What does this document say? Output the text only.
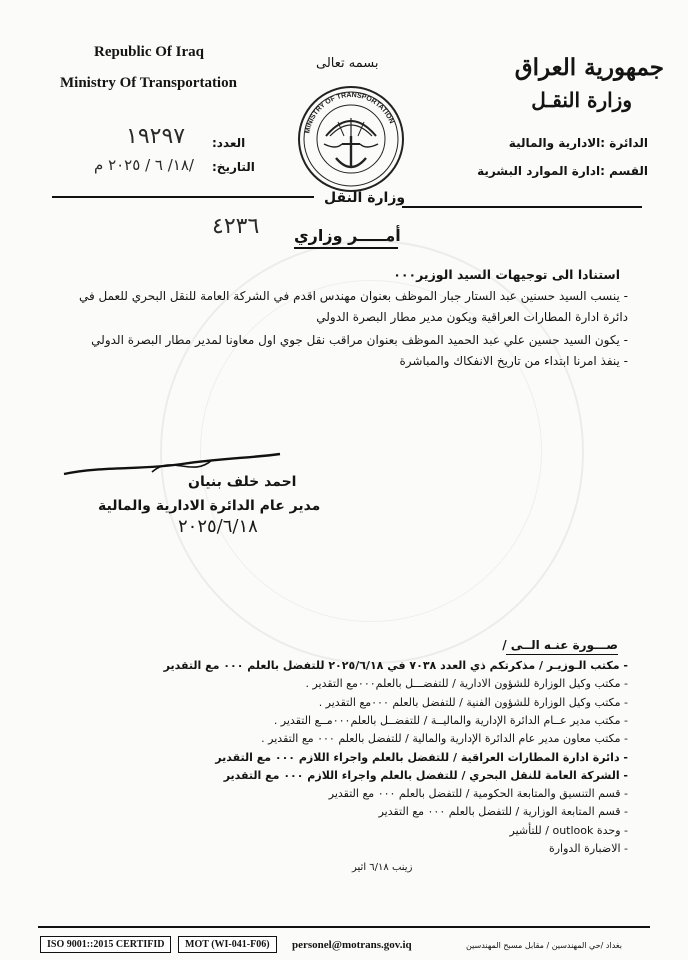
Republic Of Iraq
Ministry Of Transportation
بسمه تعالى	جمهورية العراق
وزارة النقـل
الدائرة :الادارية والمالية
القسم :ادارة الموارد البشرية
العدد:
١٩٢٩٧
التاريخ:
/١٨/ ٦ / ٢٠٢٥ م
MINISTRY OF TRANSPORTATION
وزارة النقل
أمـــــر وزاري
٤٢٣٦
استنادا الى توجيهات السيد الوزير٠٠٠
- ينسب السيد حسنين عبد الستار جبار الموظف بعنوان مهندس اقدم في الشركة العامة للنقل البحري للعمل في
دائرة ادارة المطارات العراقية ويكون مدير مطار البصرة الدولي
- يكون السيد حسين علي عبد الحميد الموظف بعنوان مراقب نقل جوي اول معاونا لمدير مطار البصرة الدولي
- ينفذ امرنا ابتداء من تاريخ الانفكاك والمباشرة
احمد خلف بنيان
مدير عام الدائرة الادارية والمالية
٢٠٢٥/٦/١٨
صـــورة عنـه الــى /
- مكتب الـوزيـر / مذكرتكم ذي العدد ٧٠٣٨ في ٢٠٢٥/٦/١٨ للتفضل بالعلم ٠٠٠ مع التقدير
- مكتب وكيل الوزارة للشؤون الادارية / للتفضـــل بالعلم٠٠٠مع التقدير .
- مكتب وكيل الوزارة للشؤون الفنية / للتفضل بالعلم ٠٠٠مع التقدير .
- مكتب مدير عــام الدائرة الإدارية والماليــة / للتفضــل بالعلم٠٠٠مــع التقدير .
- مكتب معاون مدير عام الدائرة الإدارية والمالية / للتفضل بالعلم ٠٠٠ مع التقدير .
- دائرة ادارة المطارات العراقية / للتفضل بالعلم واجراء اللازم ٠٠٠ مع التقدير
- الشركة العامة للنقل البحري / للتفضل بالعلم واجراء اللازم ٠٠٠ مع التقدير
- قسم التنسيق والمتابعة الحكومية / للتفضل بالعلم ٠٠٠ مع التقدير
- قسم المتابعة الوزارية / للتفضل بالعلم ٠٠٠ مع التقدير
- وحدة outlook / للتأشير
- الاضبارة الدوارة
زينب ٦/١٨ اثير
ISO 9001::2015 CERTIFID	MOT (WI-041-F06)	personel@motrans.gov.iq	بغداد /حي المهندسين / مقابل مسبح المهندسين
